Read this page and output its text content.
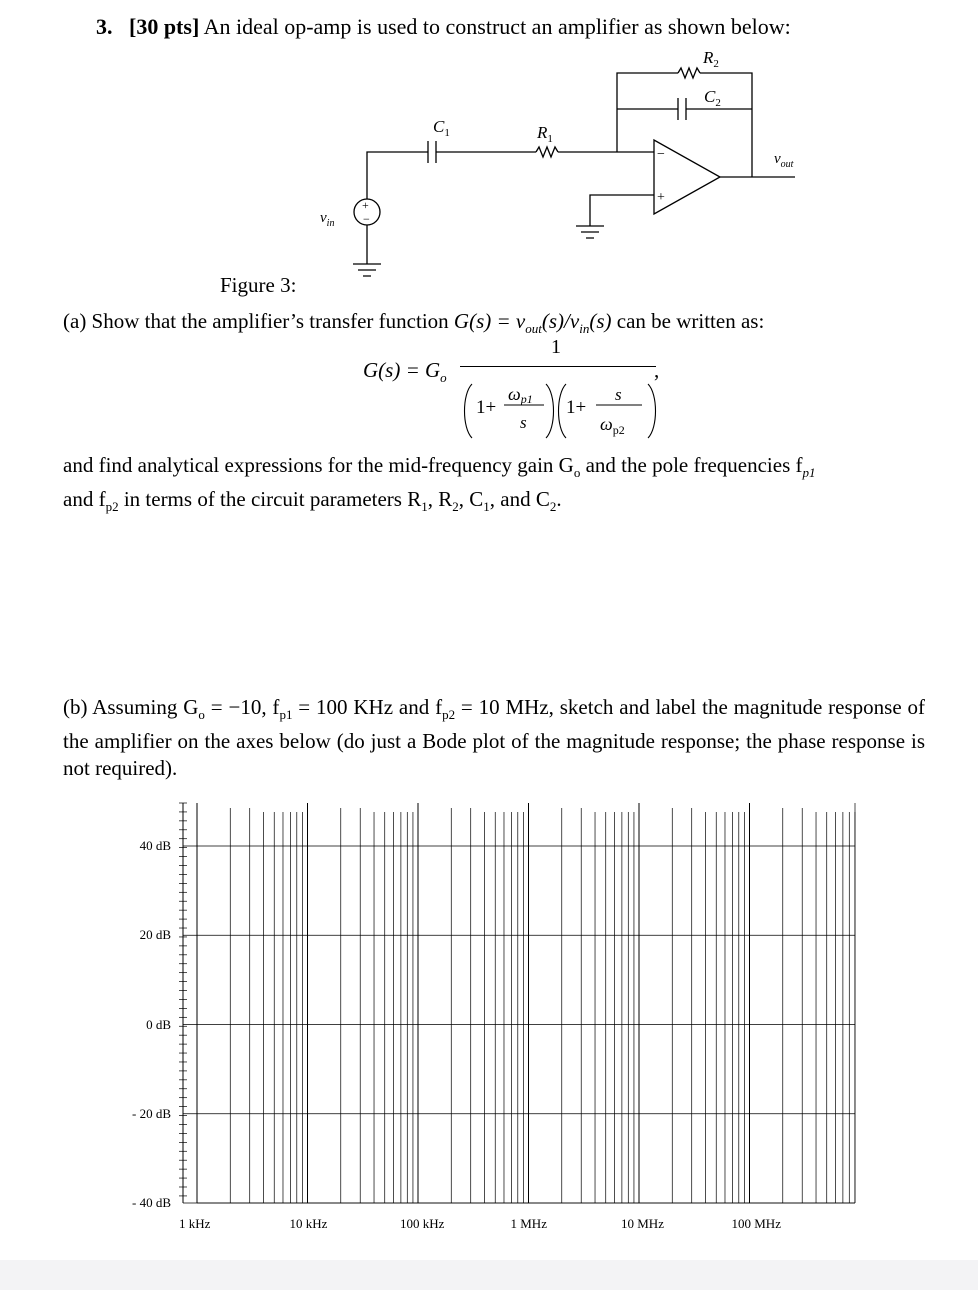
3. [30 pts] An ideal op-amp is used to construct an amplifier as shown below:
−
+
+
−
$R_2$
$C_2$
$C_1$	$R_1$
$v_{in}$
$v_{out}$
Figure 3:
(a) Show that the amplifier’s transfer function $G(s) = v_{out}(s)/v_{in}(s)$ can be written as:
$G(s) = G_o$
1
,
1+
ωp1
s
1+
s
$\omega_{p2}$
and find analytical expressions for the mid-frequency gain $G_o$ and the pole frequencies $f_{p1}$
and $f_{p2}$ in terms of the circuit parameters $R_1$, $R_2$, $C_1$, and $C_2$.
(b) Assuming $G_o = -10$, $f_{p1} = 100$ KHz and $f_{p2} = 10$ MHz, sketch and label the magnitude response of the amplifier on the axes below (do just a Bode plot of the magnitude response; the phase response is not required).
40 dB
20 dB
0 dB
- 20 dB
- 40 dB
1 kHz	10 kHz	100 kHz	1 MHz	10 MHz	100 MHz
